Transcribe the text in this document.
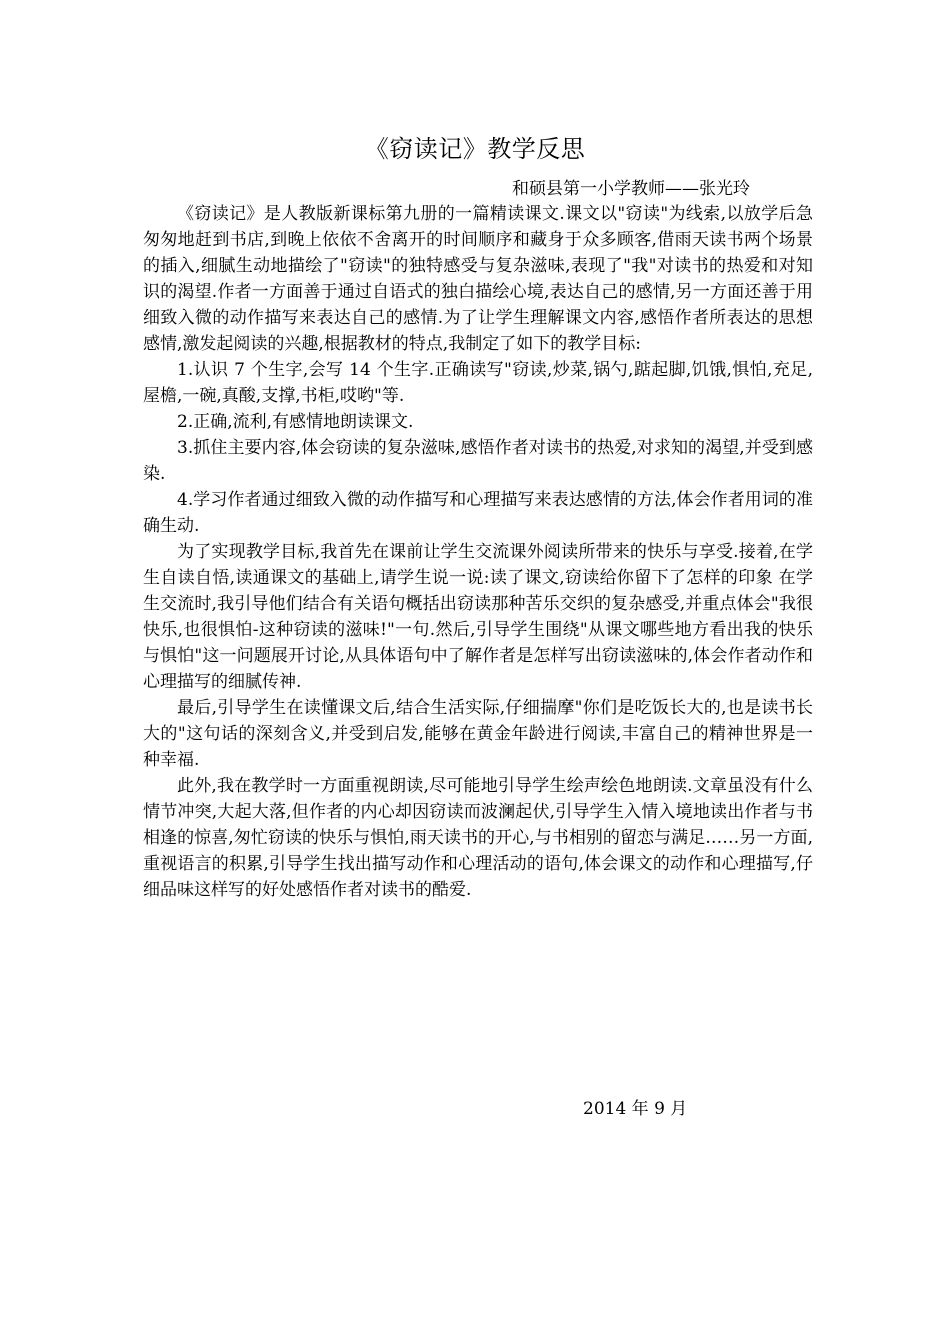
《窃读记》教学反思
和硕县第一小学教师——张光玲

《窃读记》是人教版新课标第九册的一篇精读课文.课文以"窃读"为线索,以放学后急匆匆地赶到书店,到晚上依依不舍离开的时间顺序和藏身于众多顾客,借雨天读书两个场景的插入,细腻生动地描绘了"窃读"的独特感受与复杂滋味,表现了"我"对读书的热爱和对知识的渴望.作者一方面善于通过自语式的独白描绘心境,表达自己的感情,另一方面还善于用细致入微的动作描写来表达自己的感情.为了让学生理解课文内容,感悟作者所表达的思想感情,激发起阅读的兴趣,根据教材的特点,我制定了如下的教学目标:

1.认识 7 个生字,会写 14 个生字.正确读写"窃读,炒菜,锅勺,踮起脚,饥饿,惧怕,充足,屋檐,一碗,真酸,支撑,书柜,哎哟"等.

2.正确,流利,有感情地朗读课文.

3.抓住主要内容,体会窃读的复杂滋味,感悟作者对读书的热爱,对求知的渴望,并受到感染.

4.学习作者通过细致入微的动作描写和心理描写来表达感情的方法,体会作者用词的准确生动.

为了实现教学目标,我首先在课前让学生交流课外阅读所带来的快乐与享受.接着,在学生自读自悟,读通课文的基础上,请学生说一说:读了课文,窃读给你留下了怎样的印象 在学生交流时,我引导他们结合有关语句概括出窃读那种苦乐交织的复杂感受,并重点体会"我很快乐,也很惧怕-这种窃读的滋味!"一句.然后,引导学生围绕"从课文哪些地方看出我的快乐与惧怕"这一问题展开讨论,从具体语句中了解作者是怎样写出窃读滋味的,体会作者动作和心理描写的细腻传神.

最后,引导学生在读懂课文后,结合生活实际,仔细揣摩"你们是吃饭长大的,也是读书长大的"这句话的深刻含义,并受到启发,能够在黄金年龄进行阅读,丰富自己的精神世界是一种幸福.

此外,我在教学时一方面重视朗读,尽可能地引导学生绘声绘色地朗读.文章虽没有什么情节冲突,大起大落,但作者的内心却因窃读而波澜起伏,引导学生入情入境地读出作者与书相逢的惊喜,匆忙窃读的快乐与惧怕,雨天读书的开心,与书相别的留恋与满足……另一方面,重视语言的积累,引导学生找出描写动作和心理活动的语句,体会课文的动作和心理描写,仔细品味这样写的好处感悟作者对读书的酷爱.

2014 年 9 月
